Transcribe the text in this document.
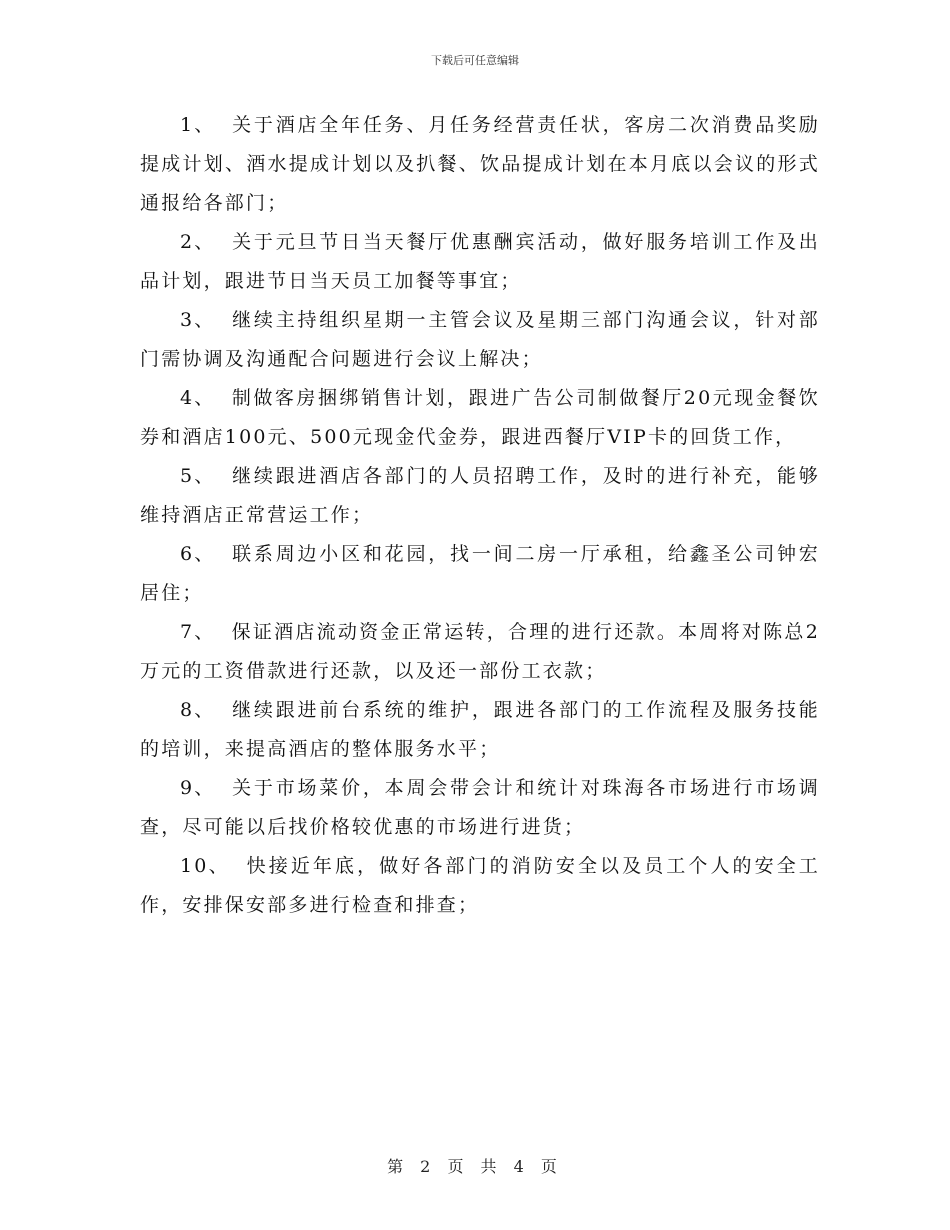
下载后可任意编辑

1、 关于酒店全年任务、月任务经营责任状，客房二次消费品奖励提成计划、酒水提成计划以及扒餐、饮品提成计划在本月底以会议的形式通报给各部门；

2、 关于元旦节日当天餐厅优惠酬宾活动，做好服务培训工作及出品计划，跟进节日当天员工加餐等事宜；

3、 继续主持组织星期一主管会议及星期三部门沟通会议，针对部门需协调及沟通配合问题进行会议上解决；

4、 制做客房捆绑销售计划，跟进广告公司制做餐厅20元现金餐饮券和酒店100元、500元现金代金券，跟进西餐厅VIP卡的回货工作，

5、 继续跟进酒店各部门的人员招聘工作，及时的进行补充，能够维持酒店正常营运工作；

6、 联系周边小区和花园，找一间二房一厅承租，给鑫圣公司钟宏居住；

7、 保证酒店流动资金正常运转，合理的进行还款。本周将对陈总2万元的工资借款进行还款，以及还一部份工衣款；

8、 继续跟进前台系统的维护，跟进各部门的工作流程及服务技能的培训，来提高酒店的整体服务水平；

9、 关于市场菜价，本周会带会计和统计对珠海各市场进行市场调查，尽可能以后找价格较优惠的市场进行进货；

10、 快接近年底，做好各部门的消防安全以及员工个人的安全工作，安排保安部多进行检查和排查；

第 2 页 共 4 页
